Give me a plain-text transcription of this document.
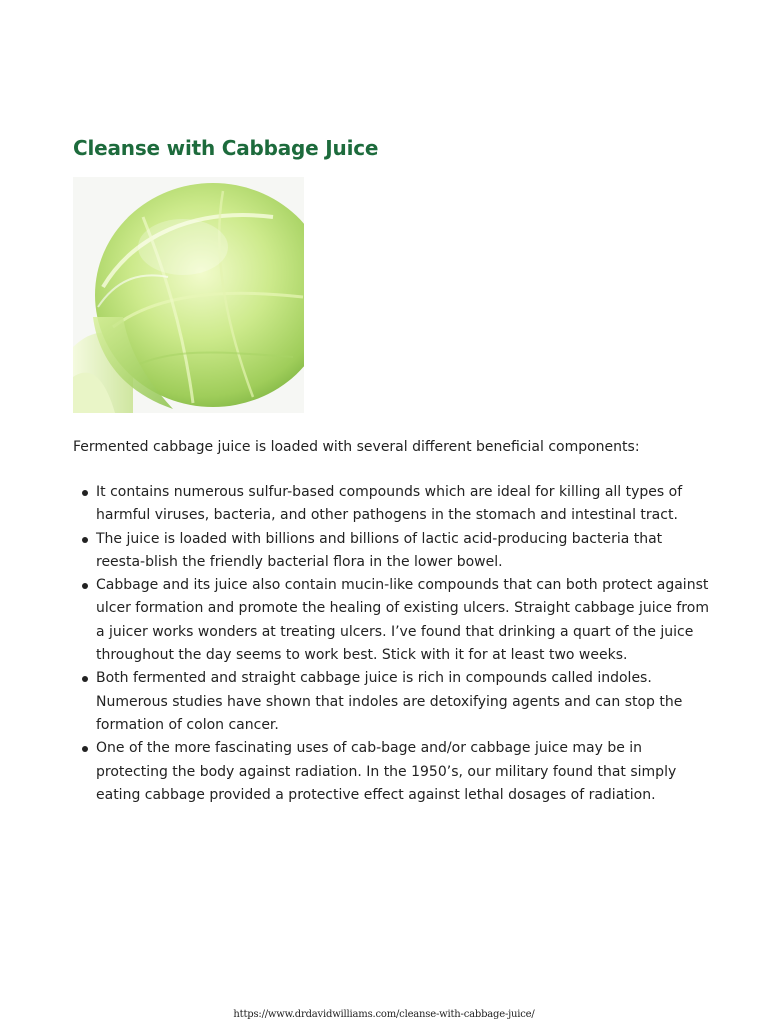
Cleanse with Cabbage Juice

Fermented cabbage juice is loaded with several different beneficial components:

It contains numerous sulfur-based compounds which are ideal for killing all types of harmful viruses, bacteria, and other pathogens in the stomach and intestinal tract.
The juice is loaded with billions and billions of lactic acid-producing bacteria that reesta-blish the friendly bacterial flora in the lower bowel.
Cabbage and its juice also contain mucin-like compounds that can both protect against ulcer formation and promote the healing of existing ulcers. Straight cabbage juice from a juicer works wonders at treating ulcers. I’ve found that drinking a quart of the juice throughout the day seems to work best. Stick with it for at least two weeks.
Both fermented and straight cabbage juice is rich in compounds called indoles. Numerous studies have shown that indoles are detoxifying agents and can stop the formation of colon cancer.
One of the more fascinating uses of cab-bage and/or cabbage juice may be in protecting the body against radiation. In the 1950’s, our military found that simply eating cabbage provided a protective effect against lethal dosages of radiation.
https://www.drdavidwilliams.com/cleanse-with-cabbage-juice/
